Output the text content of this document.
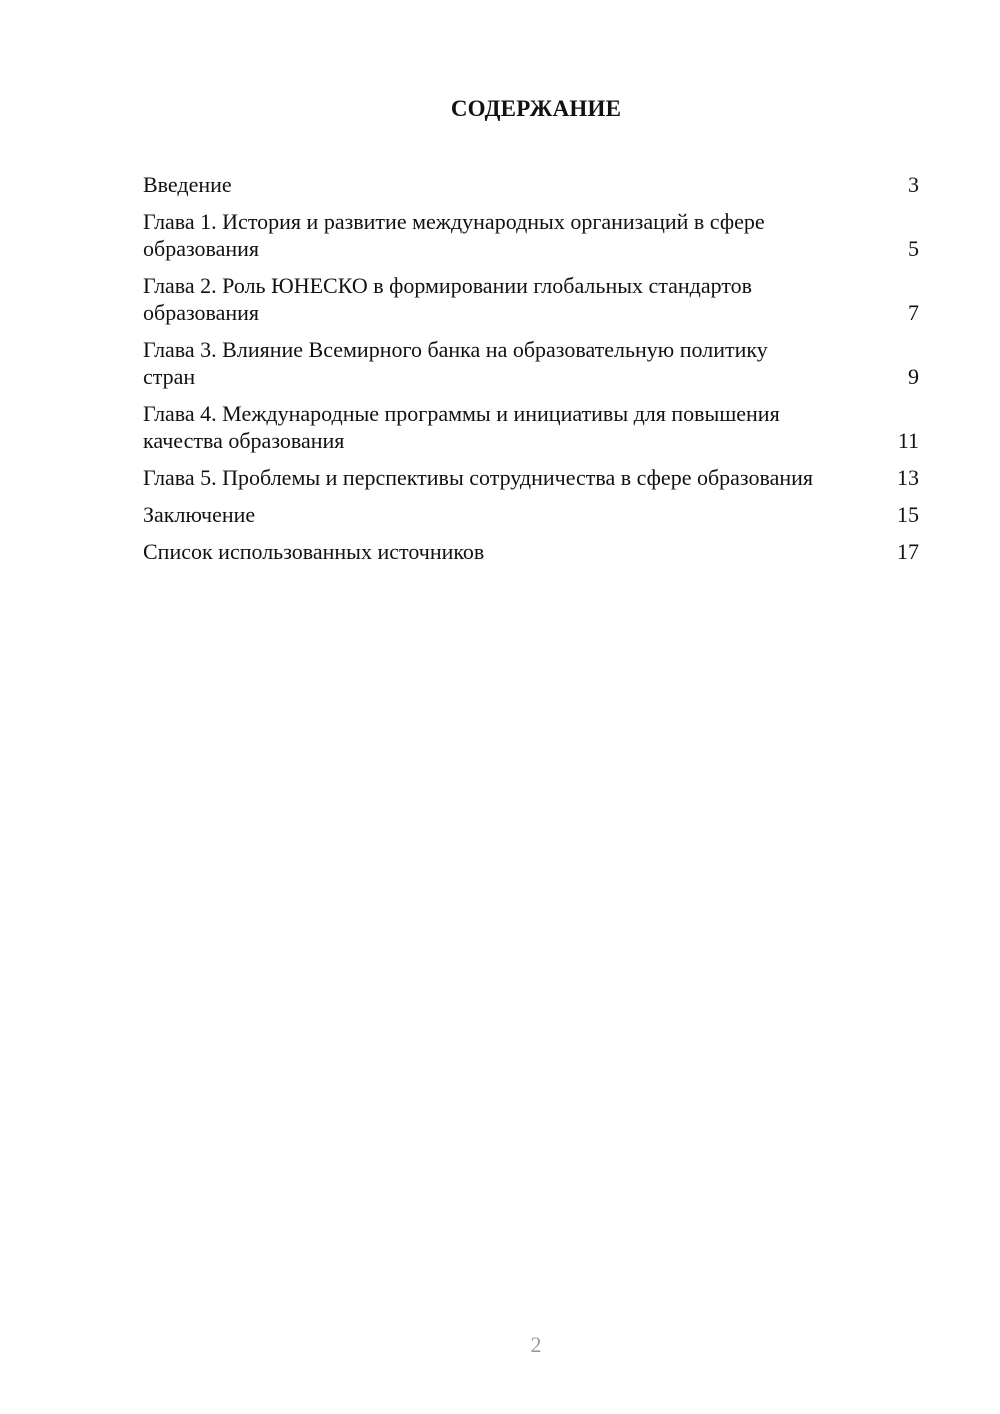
СОДЕРЖАНИЕ
Введение	3
Глава 1. История и развитие международных организаций в сфере образования	5
Глава 2. Роль ЮНЕСКО в формировании глобальных стандартов образования	7
Глава 3. Влияние Всемирного банка на образовательную политику стран	9
Глава 4. Международные программы и инициативы для повышения качества образования	11
Глава 5. Проблемы и перспективы сотрудничества в сфере образования	13
Заключение	15
Список использованных источников	17
2
